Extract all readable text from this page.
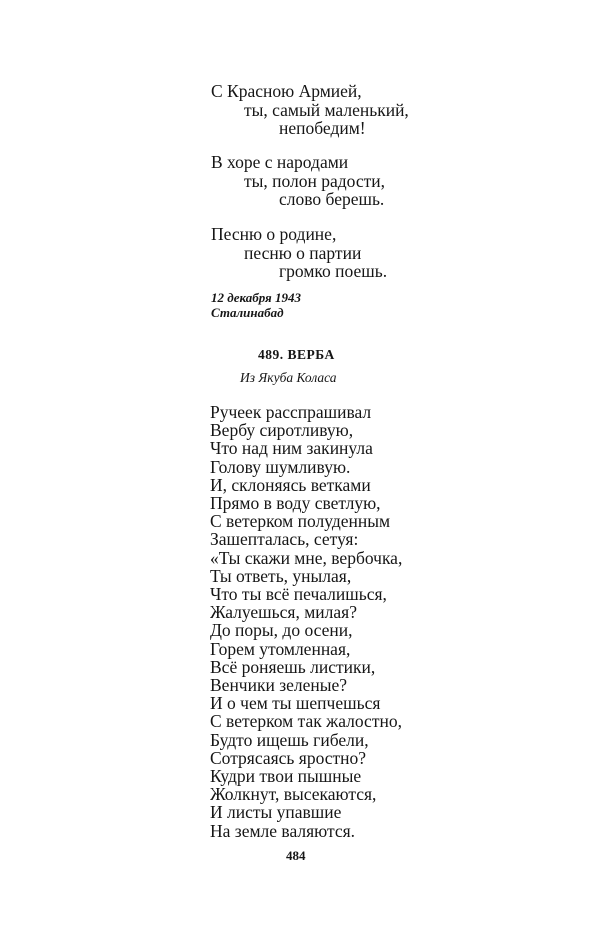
С Красною Армией,
ты, самый маленький,
непобедим!
В хоре с народами
ты, полон радости,
слово берешь.
Песню о родине,
песню о партии
громко поешь.
12 декабря 1943
Сталинабад
489. ВЕРБА
Из Якуба Коласа
Ручеек расспрашивал
Вербу сиротливую,
Что над ним закинула
Голову шумливую.
И, склоняясь ветками
Прямо в воду светлую,
С ветерком полуденным
Зашепталась, сетуя:
«Ты скажи мне, вербочка,
Ты ответь, унылая,
Что ты всё печалишься,
Жалуешься, милая?
До поры, до осени,
Горем утомленная,
Всё роняешь листики,
Венчики зеленые?
И о чем ты шепчешься
С ветерком так жалостно,
Будто ищешь гибели,
Сотрясаясь яростно?
Кудри твои пышные
Жолкнут, высекаются,
И листы упавшие
На земле валяются.
484
